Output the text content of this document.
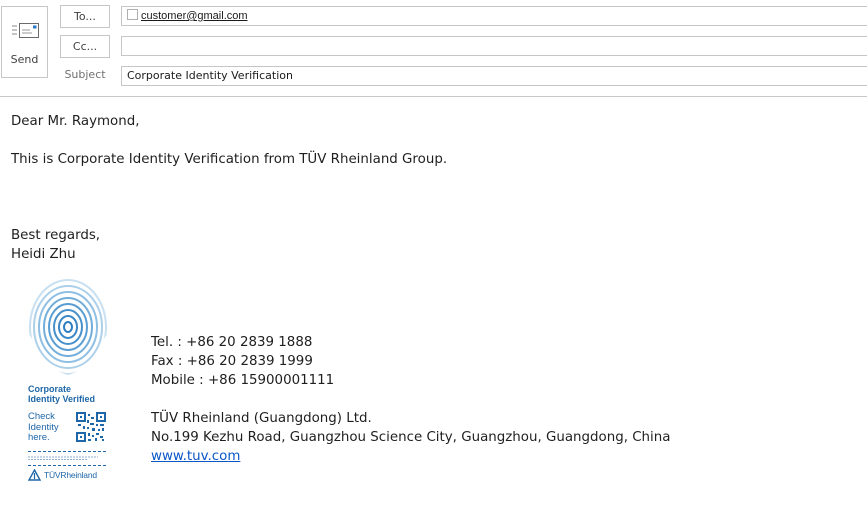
Send
To...
Cc...
Subject
customer@gmail.com
Corporate Identity Verification
Dear Mr. Raymond,
This is Corporate Identity Verification from TÜV Rheinland Group.
Best regards,
Heidi Zhu
Corporate
Identity Verified
Check
Identity
here.
TÜVRheinland
Tel. : +86 20 2839 1888
Fax : +86 20 2839 1999
Mobile : +86 15900001111
TÜV Rheinland (Guangdong) Ltd.
No.199 Kezhu Road, Guangzhou Science City, Guangzhou, Guangdong, China
www.tuv.com
